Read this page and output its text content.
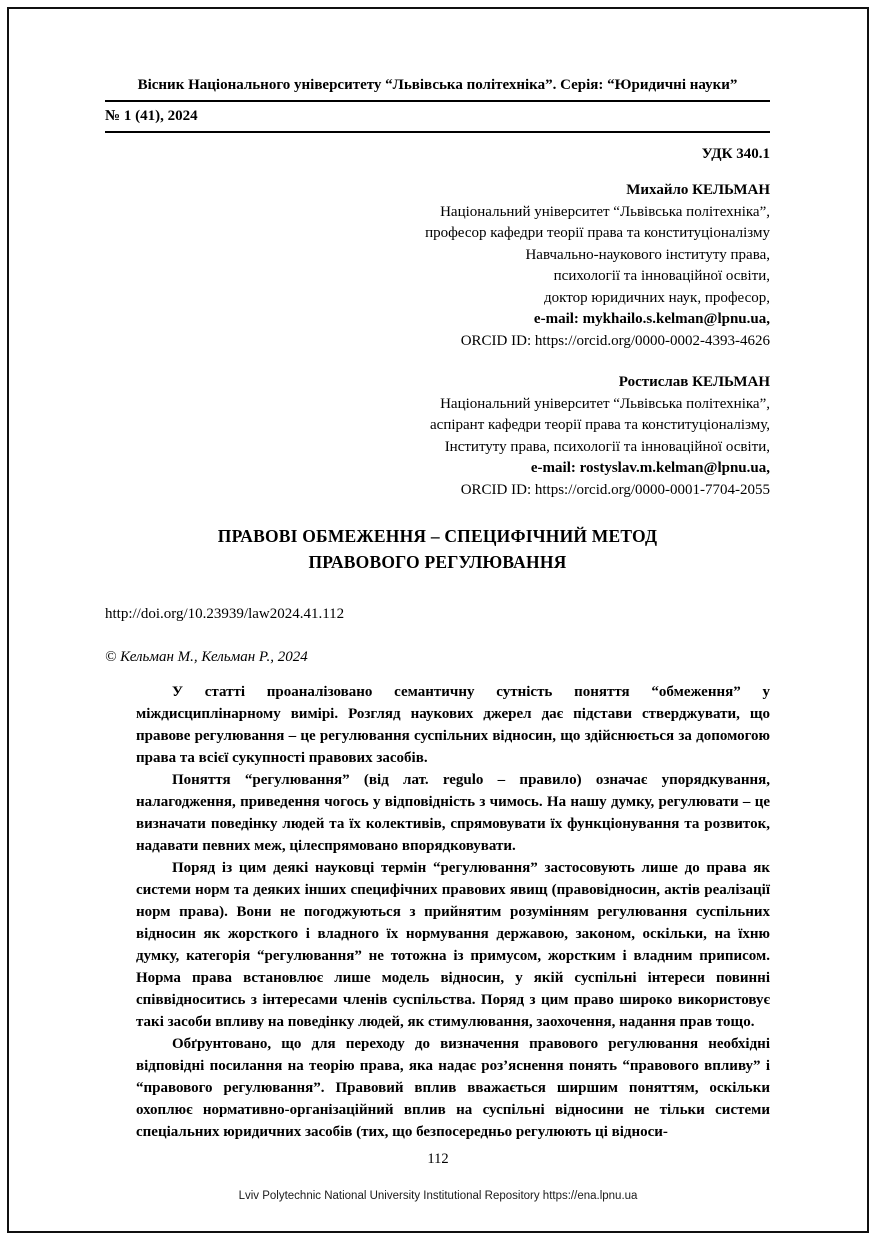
Вісник Національного університету “Львівська політехніка”. Серія: “Юридичні науки”
№ 1 (41), 2024
УДК 340.1
Михайло КЕЛЬМАН
Національний університет “Львівська політехніка”,
професор кафедри теорії права та конституціоналізму
Навчально-наукового інституту права,
психології та інноваційної освіти,
доктор юридичних наук, професор,
e-mail: mykhailo.s.kelman@lpnu.ua,
ORCID ID: https://orcid.org/0000-0002-4393-4626
Ростислав КЕЛЬМАН
Національний університет “Львівська політехніка”,
аспірант кафедри теорії права та конституціоналізму,
Інституту права, психології та інноваційної освіти,
e-mail: rostyslav.m.kelman@lpnu.ua,
ORCID ID: https://orcid.org/0000-0001-7704-2055
ПРАВОВІ ОБМЕЖЕННЯ – СПЕЦИФІЧНИЙ МЕТОД
ПРАВОВОГО РЕГУЛЮВАННЯ
http://doi.org/10.23939/law2024.41.112
© Кельман М., Кельман Р., 2024

У статті проаналізовано семантичну сутність поняття “обмеження” у міждисциплінарному вимірі. Розгляд наукових джерел дає підстави стверджувати, що правове регулювання – це регулювання суспільних відносин, що здійснюється за допомогою права та всієї сукупності правових засобів.

Поняття “регулювання” (від лат. regulo – правило) означає упорядкування, налагодження, приведення чогось у відповідність з чимось. На нашу думку, регулювати – це визначати поведінку людей та їх колективів, спрямовувати їх функціонування та розвиток, надавати певних меж, цілеспрямовано впорядковувати.

Поряд із цим деякі науковці термін “регулювання” застосовують лише до права як системи норм та деяких інших специфічних правових явищ (правовідносин, актів реалізації норм права). Вони не погоджуються з прийнятим розумінням регулювання суспільних відносин як жорсткого і владного їх нормування державою, законом, оскільки, на їхню думку, категорія “регулювання” не тотожна із примусом, жорстким і владним приписом. Норма права встановлює лише модель відносин, у якій суспільні інтереси повинні співвідноситись з інтересами членів суспільства. Поряд з цим право широко використовує такі засоби впливу на поведінку людей, як стимулювання, заохочення, надання прав тощо.

Обґрунтовано, що для переходу до визначення правового регулювання необхідні відповідні посилання на теорію права, яка надає роз’яснення понять “правового впливу” і “правового регулювання”. Правовий вплив вважається ширшим поняттям, оскільки охоплює нормативно-організаційний вплив на суспільні відносини не тільки системи спеціальних юридичних засобів (тих, що безпосередньо регулюють ці відноси-

112
Lviv Polytechnic National University Institutional Repository https://ena.lpnu.ua
